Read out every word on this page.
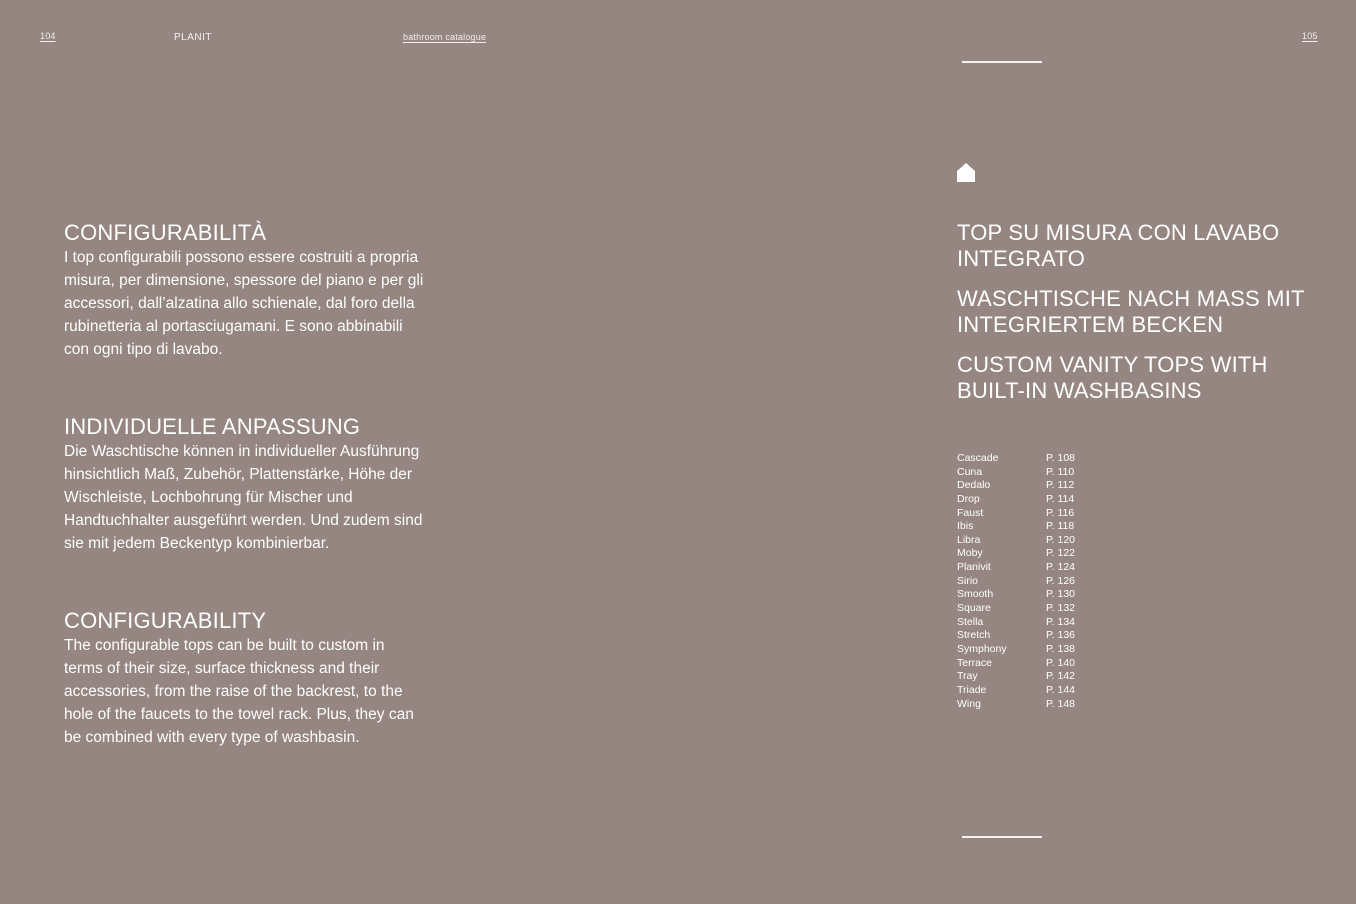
104	PLANIT	bathroom catalogue	105
CONFIGURABILITÀ

I top configurabili possono essere costruiti a propria misura, per dimensione, spessore del piano e per gli accessori, dall’alzatina allo schienale, dal foro della rubinetteria al portasciugamani. E sono abbinabili con ogni tipo di lavabo.

INDIVIDUELLE ANPASSUNG

Die Waschtische können in individueller Ausführung hinsichtlich Maß, Zubehör, Plattenstärke, Höhe der Wischleiste, Lochbohrung für Mischer und Handtuchhalter ausgeführt werden. Und zudem sind sie mit jedem Beckentyp kombinierbar.

CONFIGURABILITY

The configurable tops can be built to custom in terms of their size, surface thickness and their accessories, from the raise of the backrest, to the hole of the faucets to the towel rack. Plus, they can be combined with every type of washbasin.

TOP SU MISURA CON LAVABO INTEGRATO
WASCHTISCHE NACH MASS MIT INTEGRIERTEM BECKEN
CUSTOM VANITY TOPS WITH BUILT-IN WASHBASINS
Cascade	P. 108
Cuna	P. 110
Dedalo	P. 112
Drop	P. 114
Faust	P. 116
Ibis	P. 118
Libra	P. 120
Moby	P. 122
Planivit	P. 124
Sirio	P. 126
Smooth	P. 130
Square	P. 132
Stella	P. 134
Stretch	P. 136
Symphony	P. 138
Terrace	P. 140
Tray	P. 142
Triade	P. 144
Wing	P. 148
